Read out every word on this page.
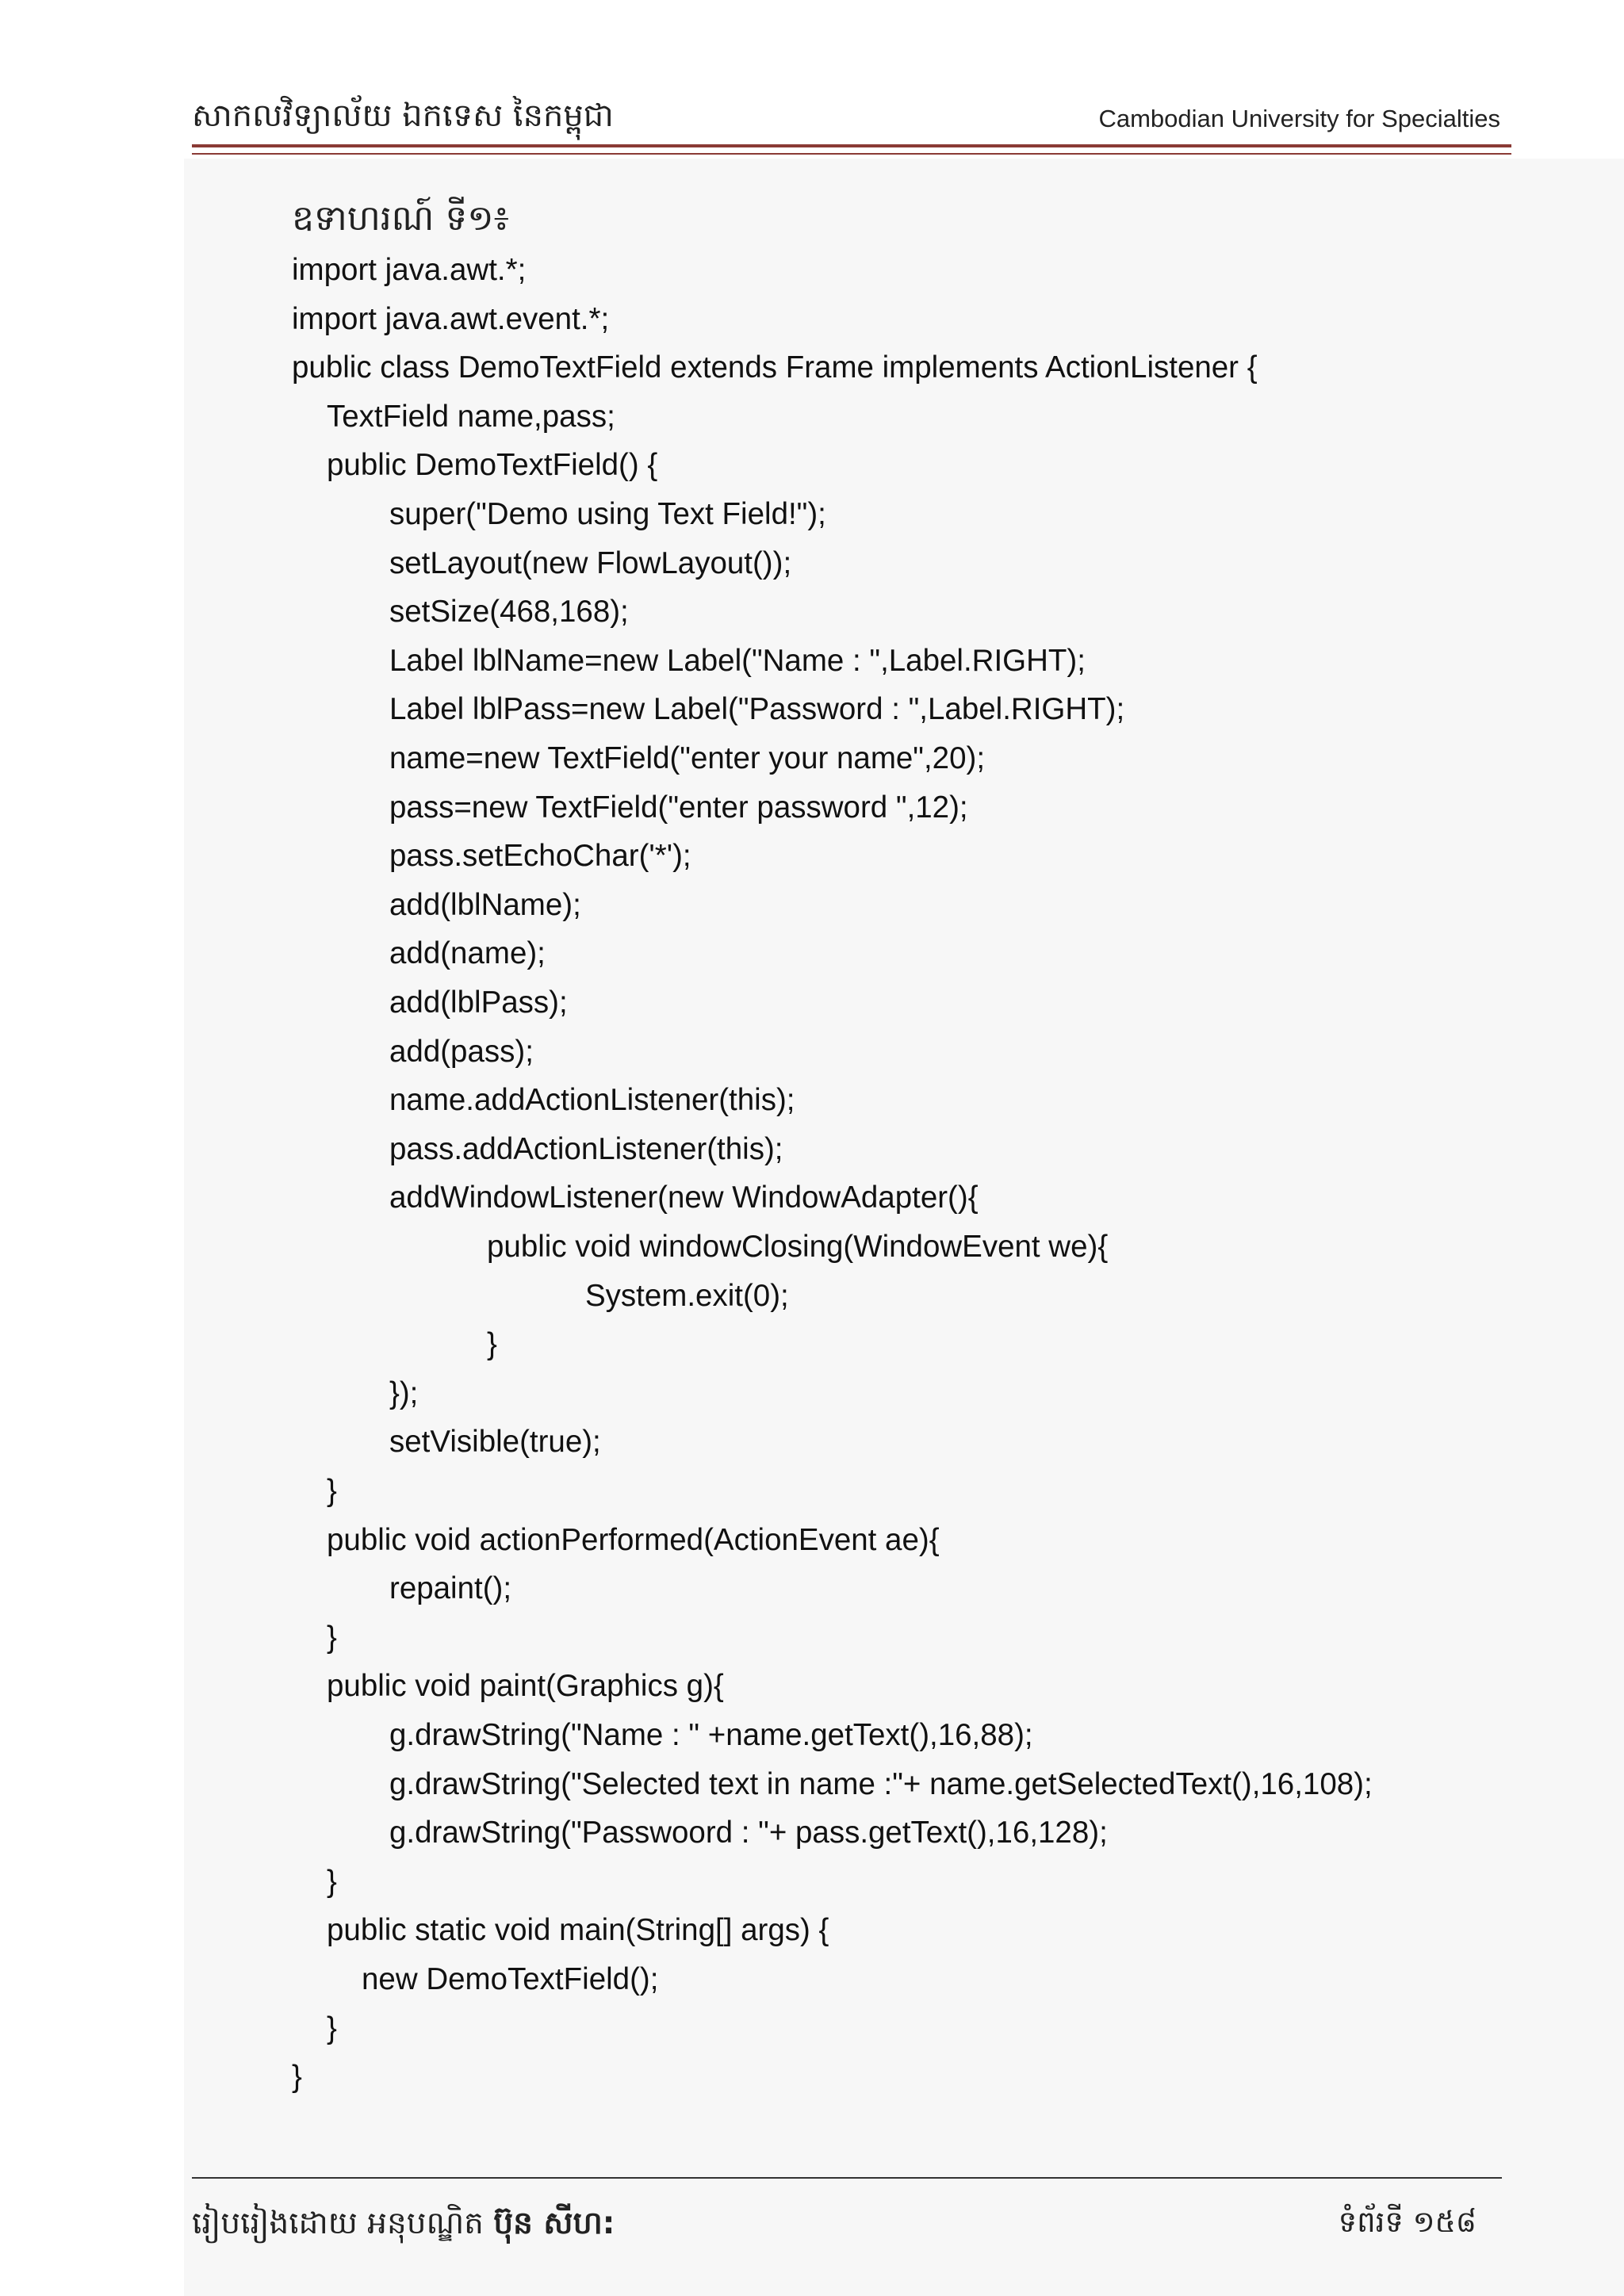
សាកលវិទ្យាល័យ ឯកទេស នៃកម្ពុជា	Cambodian University for Specialties
ឧទាហរណ៍ ទី១៖
import java.awt.*;
import java.awt.event.*;
public class DemoTextField extends Frame implements ActionListener {
TextField name,pass;
public DemoTextField() {
super("Demo using Text Field!");
setLayout(new FlowLayout());
setSize(468,168);
Label lblName=new Label("Name : ",Label.RIGHT);
Label lblPass=new Label("Password : ",Label.RIGHT);
name=new TextField("enter your name",20);
pass=new TextField("enter password ",12);
pass.setEchoChar('*');
add(lblName);
add(name);
add(lblPass);
add(pass);
name.addActionListener(this);
pass.addActionListener(this);
addWindowListener(new WindowAdapter(){
public void windowClosing(WindowEvent we){
System.exit(0);
}
});
setVisible(true);
}
public void actionPerformed(ActionEvent ae){
repaint();
}
public void paint(Graphics g){
g.drawString("Name : " +name.getText(),16,88);
g.drawString("Selected text in name :"+ name.getSelectedText(),16,108);
g.drawString("Passwoord : "+ pass.getText(),16,128);
}
public static void main(String[] args) {
new DemoTextField();
}
}
រៀបរៀងដោយ អនុបណ្ឌិត ប៊ុន សីហ:	ទំព័រទី ១៥៨
